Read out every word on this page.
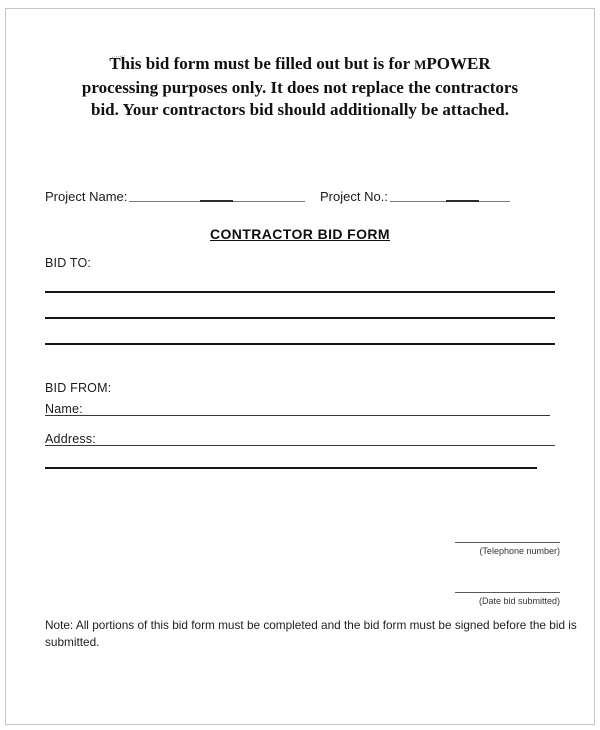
This bid form must be filled out but is for MPOWER
processing purposes only. It does not replace the contractors
bid. Your contractors bid should additionally be attached.
Project Name:	Project No.:
CONTRACTOR BID FORM
BID TO:
BID FROM:
Name:
Address:
(Telephone number)
(Date bid submitted)
Note: All portions of this bid form must be completed and the bid form must be signed before the bid is
submitted.
